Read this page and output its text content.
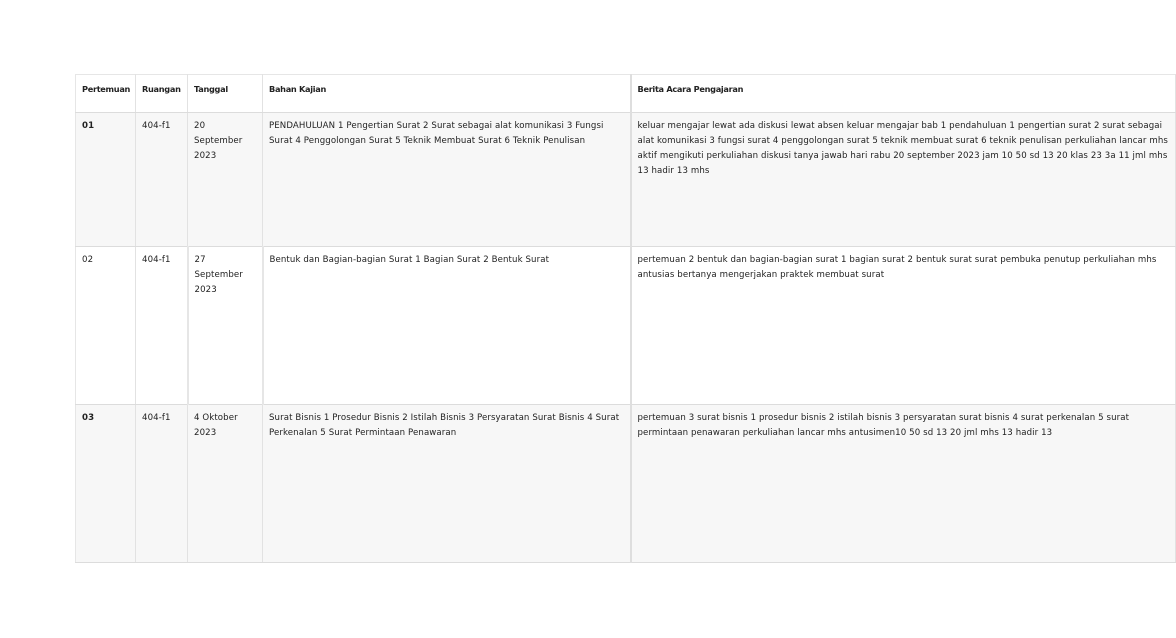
Pertemuan	Ruangan	Tanggal	Bahan Kajian	Berita Acara Pengajaran
01	404-f1	20 September 2023	PENDAHULUAN 1 Pengertian Surat 2 Surat sebagai alat komunikasi 3 Fungsi Surat 4 Penggolongan Surat 5 Teknik Membuat Surat 6 Teknik Penulisan	keluar mengajar lewat ada diskusi lewat absen keluar mengajar bab 1 pendahuluan 1 pengertian surat 2 surat sebagai alat komunikasi 3 fungsi surat 4 penggolongan surat 5 teknik membuat surat 6 teknik penulisan perkuliahan lancar mhs aktif mengikuti perkuliahan diskusi tanya jawab hari rabu 20 september 2023 jam 10 50 sd 13 20 klas 23 3a 11 jml mhs 13 hadir 13 mhs
02	404-f1	27 September 2023	Bentuk dan Bagian-bagian Surat 1 Bagian Surat 2 Bentuk Surat	pertemuan 2 bentuk dan bagian-bagian surat 1 bagian surat 2 bentuk surat surat pembuka penutup perkuliahan mhs antusias bertanya mengerjakan praktek membuat surat
03	404-f1	4 Oktober 2023	Surat Bisnis 1 Prosedur Bisnis 2 Istilah Bisnis 3 Persyaratan Surat Bisnis 4 Surat Perkenalan 5 Surat Permintaan Penawaran	pertemuan 3 surat bisnis 1 prosedur bisnis 2 istilah bisnis 3 persyaratan surat bisnis 4 surat perkenalan 5 surat permintaan penawaran perkuliahan lancar mhs antusimen10 50 sd 13 20 jml mhs 13 hadir 13
